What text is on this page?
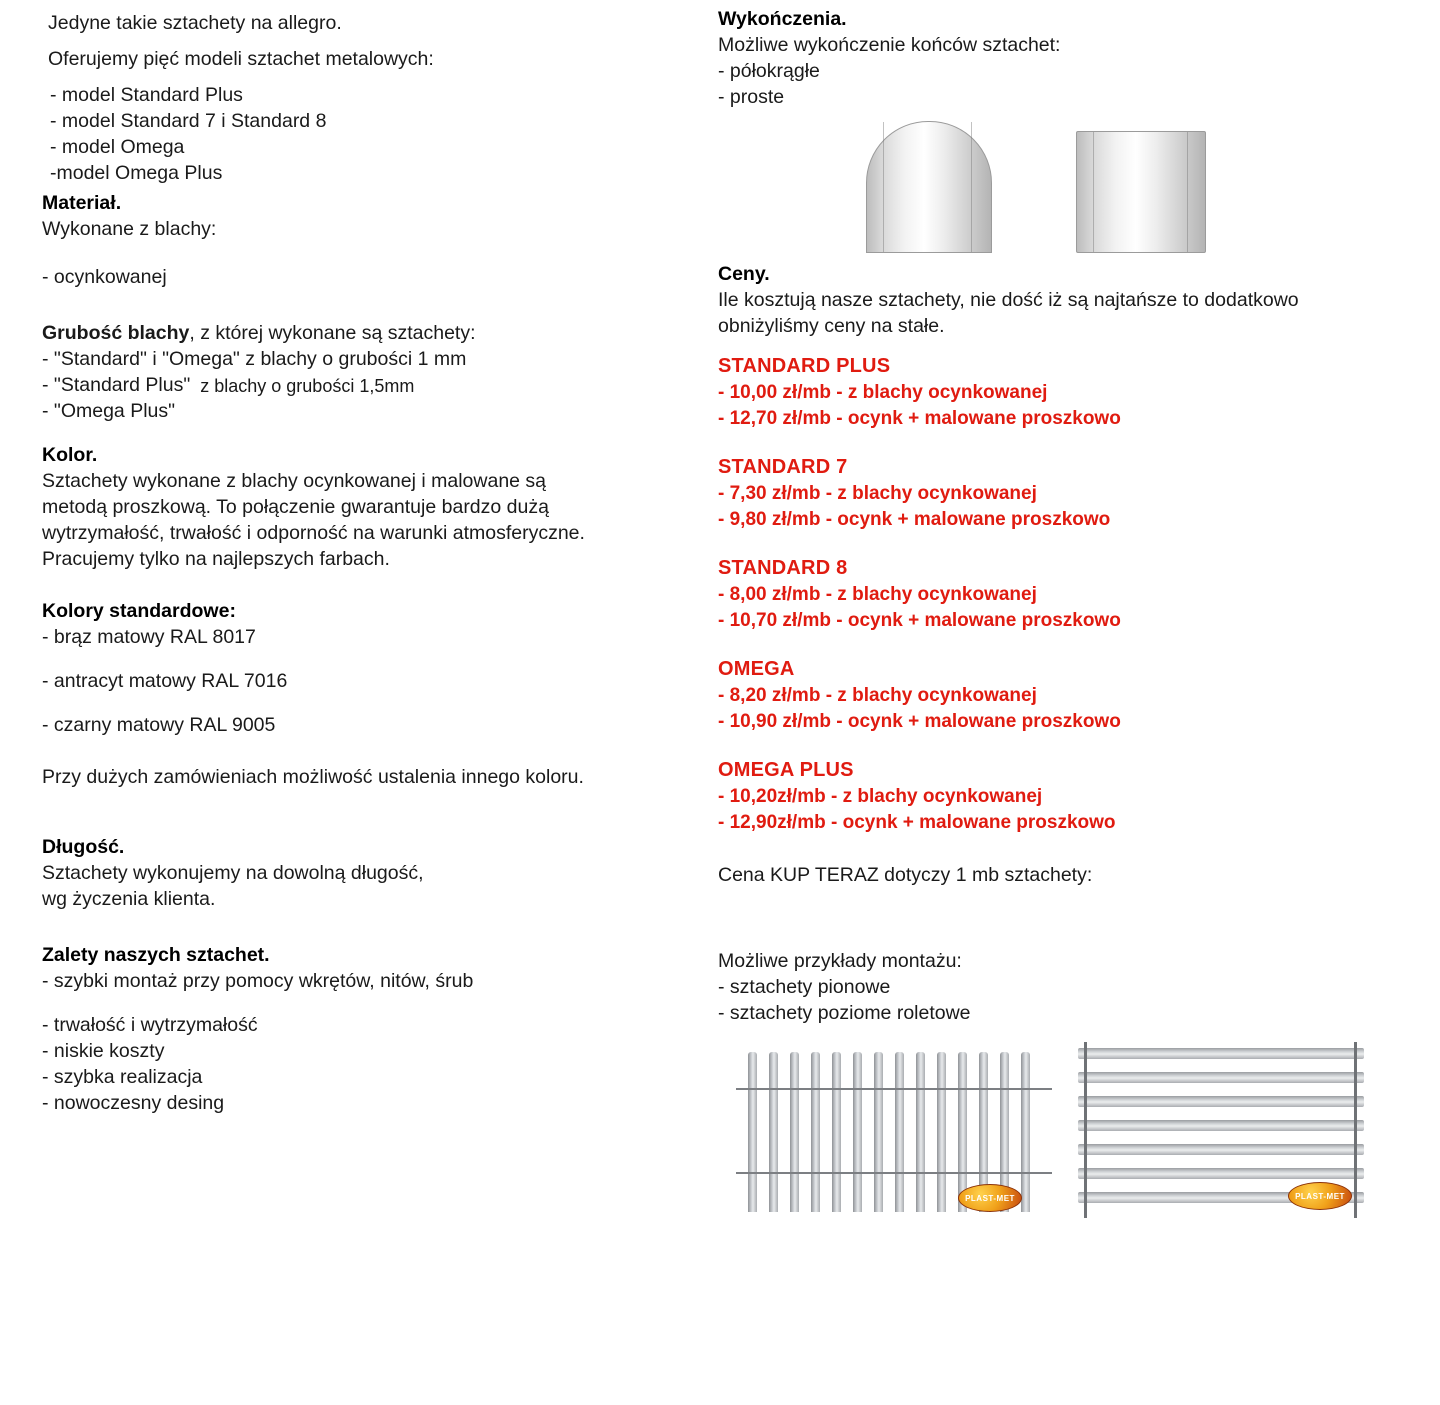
Jedyne takie sztachety na allegro.
Oferujemy pięć modeli sztachet metalowych:
- model Standard Plus
- model Standard 7 i Standard 8
- model Omega
-model Omega Plus
Materiał.
Wykonane z blachy:
- ocynkowanej
Grubość blachy, z której wykonane są sztachety:
- "Standard" i "Omega" z blachy o grubości 1 mm
- "Standard Plus"
- "Omega Plus"
z blachy o grubości 1,5mm
Kolor.
Sztachety wykonane z blachy ocynkowanej i malowane są
metodą proszkową. To połączenie gwarantuje bardzo dużą
wytrzymałość, trwałość i odporność na warunki atmosferyczne.
Pracujemy tylko na najlepszych farbach.
Kolory standardowe:
- brąz matowy RAL 8017
- antracyt matowy RAL 7016
- czarny matowy RAL 9005
Przy dużych zamówieniach możliwość ustalenia innego koloru.
Długość.
Sztachety wykonujemy na dowolną długość,
wg życzenia klienta.
Zalety naszych sztachet.
- szybki montaż przy pomocy wkrętów, nitów, śrub
- trwałość i wytrzymałość
- niskie koszty
- szybka realizacja
- nowoczesny desing
Wykończenia.
Możliwe wykończenie końców sztachet:
- półokrągłe
- proste
Ceny.
Ile kosztują nasze sztachety, nie dość iż są najtańsze to dodatkowo
obniżyliśmy ceny na stałe.
STANDARD PLUS
- 10,00 zł/mb - z blachy ocynkowanej
- 12,70 zł/mb - ocynk + malowane proszkowo
STANDARD 7
- 7,30 zł/mb - z blachy ocynkowanej
- 9,80 zł/mb - ocynk + malowane proszkowo
STANDARD 8
- 8,00 zł/mb - z blachy ocynkowanej
- 10,70 zł/mb - ocynk + malowane proszkowo
OMEGA
- 8,20 zł/mb - z blachy ocynkowanej
- 10,90 zł/mb - ocynk + malowane proszkowo
OMEGA PLUS
- 10,20zł/mb - z blachy ocynkowanej
- 12,90zł/mb - ocynk + malowane proszkowo
Cena KUP TERAZ dotyczy 1 mb sztachety:
Możliwe przykłady montażu:
- sztachety pionowe
- sztachety poziome roletowe
PLAST-MET	PLAST-MET
